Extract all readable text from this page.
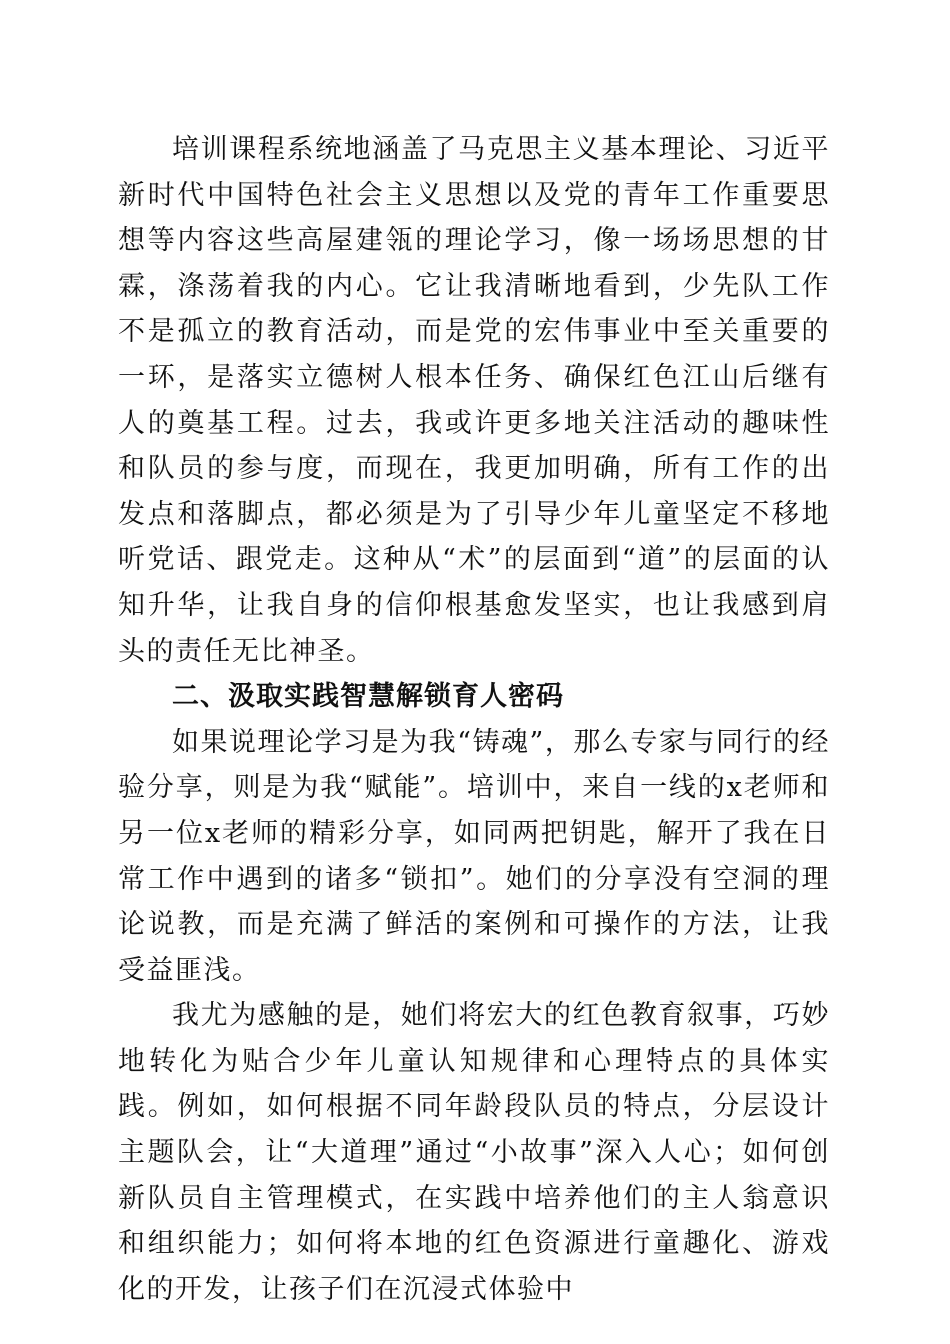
培训课程系统地涵盖了马克思主义基本理论、习近平新时代中国特色社会主义思想以及党的青年工作重要思想等内容这些高屋建瓴的理论学习，像一场场思想的甘霖，涤荡着我的内心。它让我清晰地看到，少先队工作不是孤立的教育活动，而是党的宏伟事业中至关重要的一环，是落实立德树人根本任务、确保红色江山后继有人的奠基工程。过去，我或许更多地关注活动的趣味性和队员的参与度，而现在，我更加明确，所有工作的出发点和落脚点，都必须是为了引导少年儿童坚定不移地听党话、跟党走。这种从“术”的层面到“道”的层面的认知升华，让我自身的信仰根基愈发坚实，也让我感到肩头的责任无比神圣。

二、汲取实践智慧解锁育人密码

如果说理论学习是为我“铸魂”，那么专家与同行的经验分享，则是为我“赋能”。培训中，来自一线的x老师和另一位x老师的精彩分享，如同两把钥匙，解开了我在日常工作中遇到的诸多“锁扣”。她们的分享没有空洞的理论说教，而是充满了鲜活的案例和可操作的方法，让我受益匪浅。

我尤为感触的是，她们将宏大的红色教育叙事，巧妙地转化为贴合少年儿童认知规律和心理特点的具体实践。例如，如何根据不同年龄段队员的特点，分层设计主题队会，让“大道理”通过“小故事”深入人心；如何创新队员自主管理模式，在实践中培养他们的主人翁意识和组织能力；如何将本地的红色资源进行童趣化、游戏化的开发，让孩子们在沉浸式体验中
